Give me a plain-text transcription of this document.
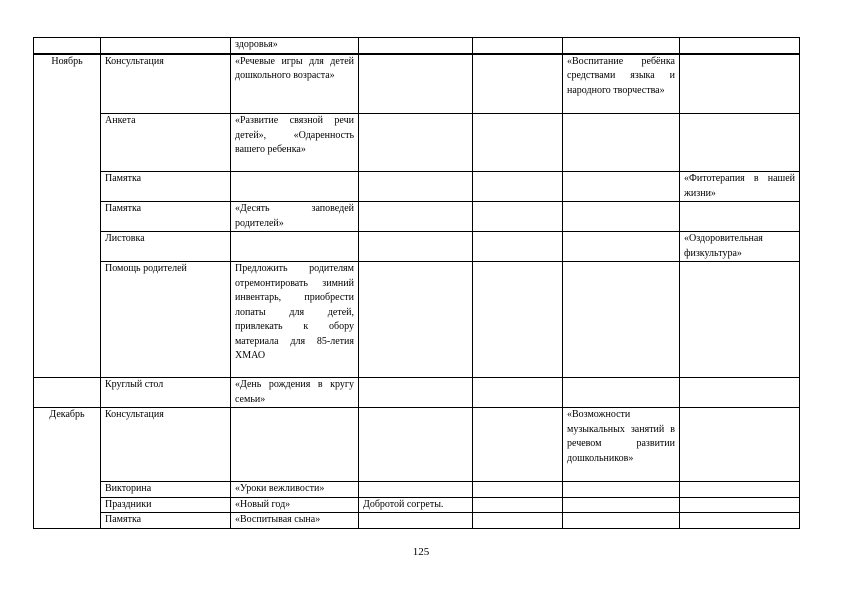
		здоровья»				
Ноябрь	Консультация	«Речевые игры для детей дошкольного возраста»			«Воспитание ребёнка средствами языка и народного творчества»	
	Анкета	«Развитие связной речи детей», «Одаренность вашего ребенка»				
	Памятка					«Фитотерапия в нашей жизни»
	Памятка	«Десять заповедей родителей»				
	Листовка					«Оздоровительная физкультура»
	Помощь родителей	Предложить родителям отремонтировать зимний инвентарь, приобрести лопаты для детей, привлекать к обору материала для 85-летия ХМАО				
	Круглый стол	«День рождения в кругу семьи»				
Декабрь	Консультация				«Возможности музыкальных занятий в речевом развитии дошкольников»	
	Викторина	«Уроки вежливости»				
	Праздники	«Новый год»	Добротой согреты.			
	Памятка	«Воспитывая сына»				
125
